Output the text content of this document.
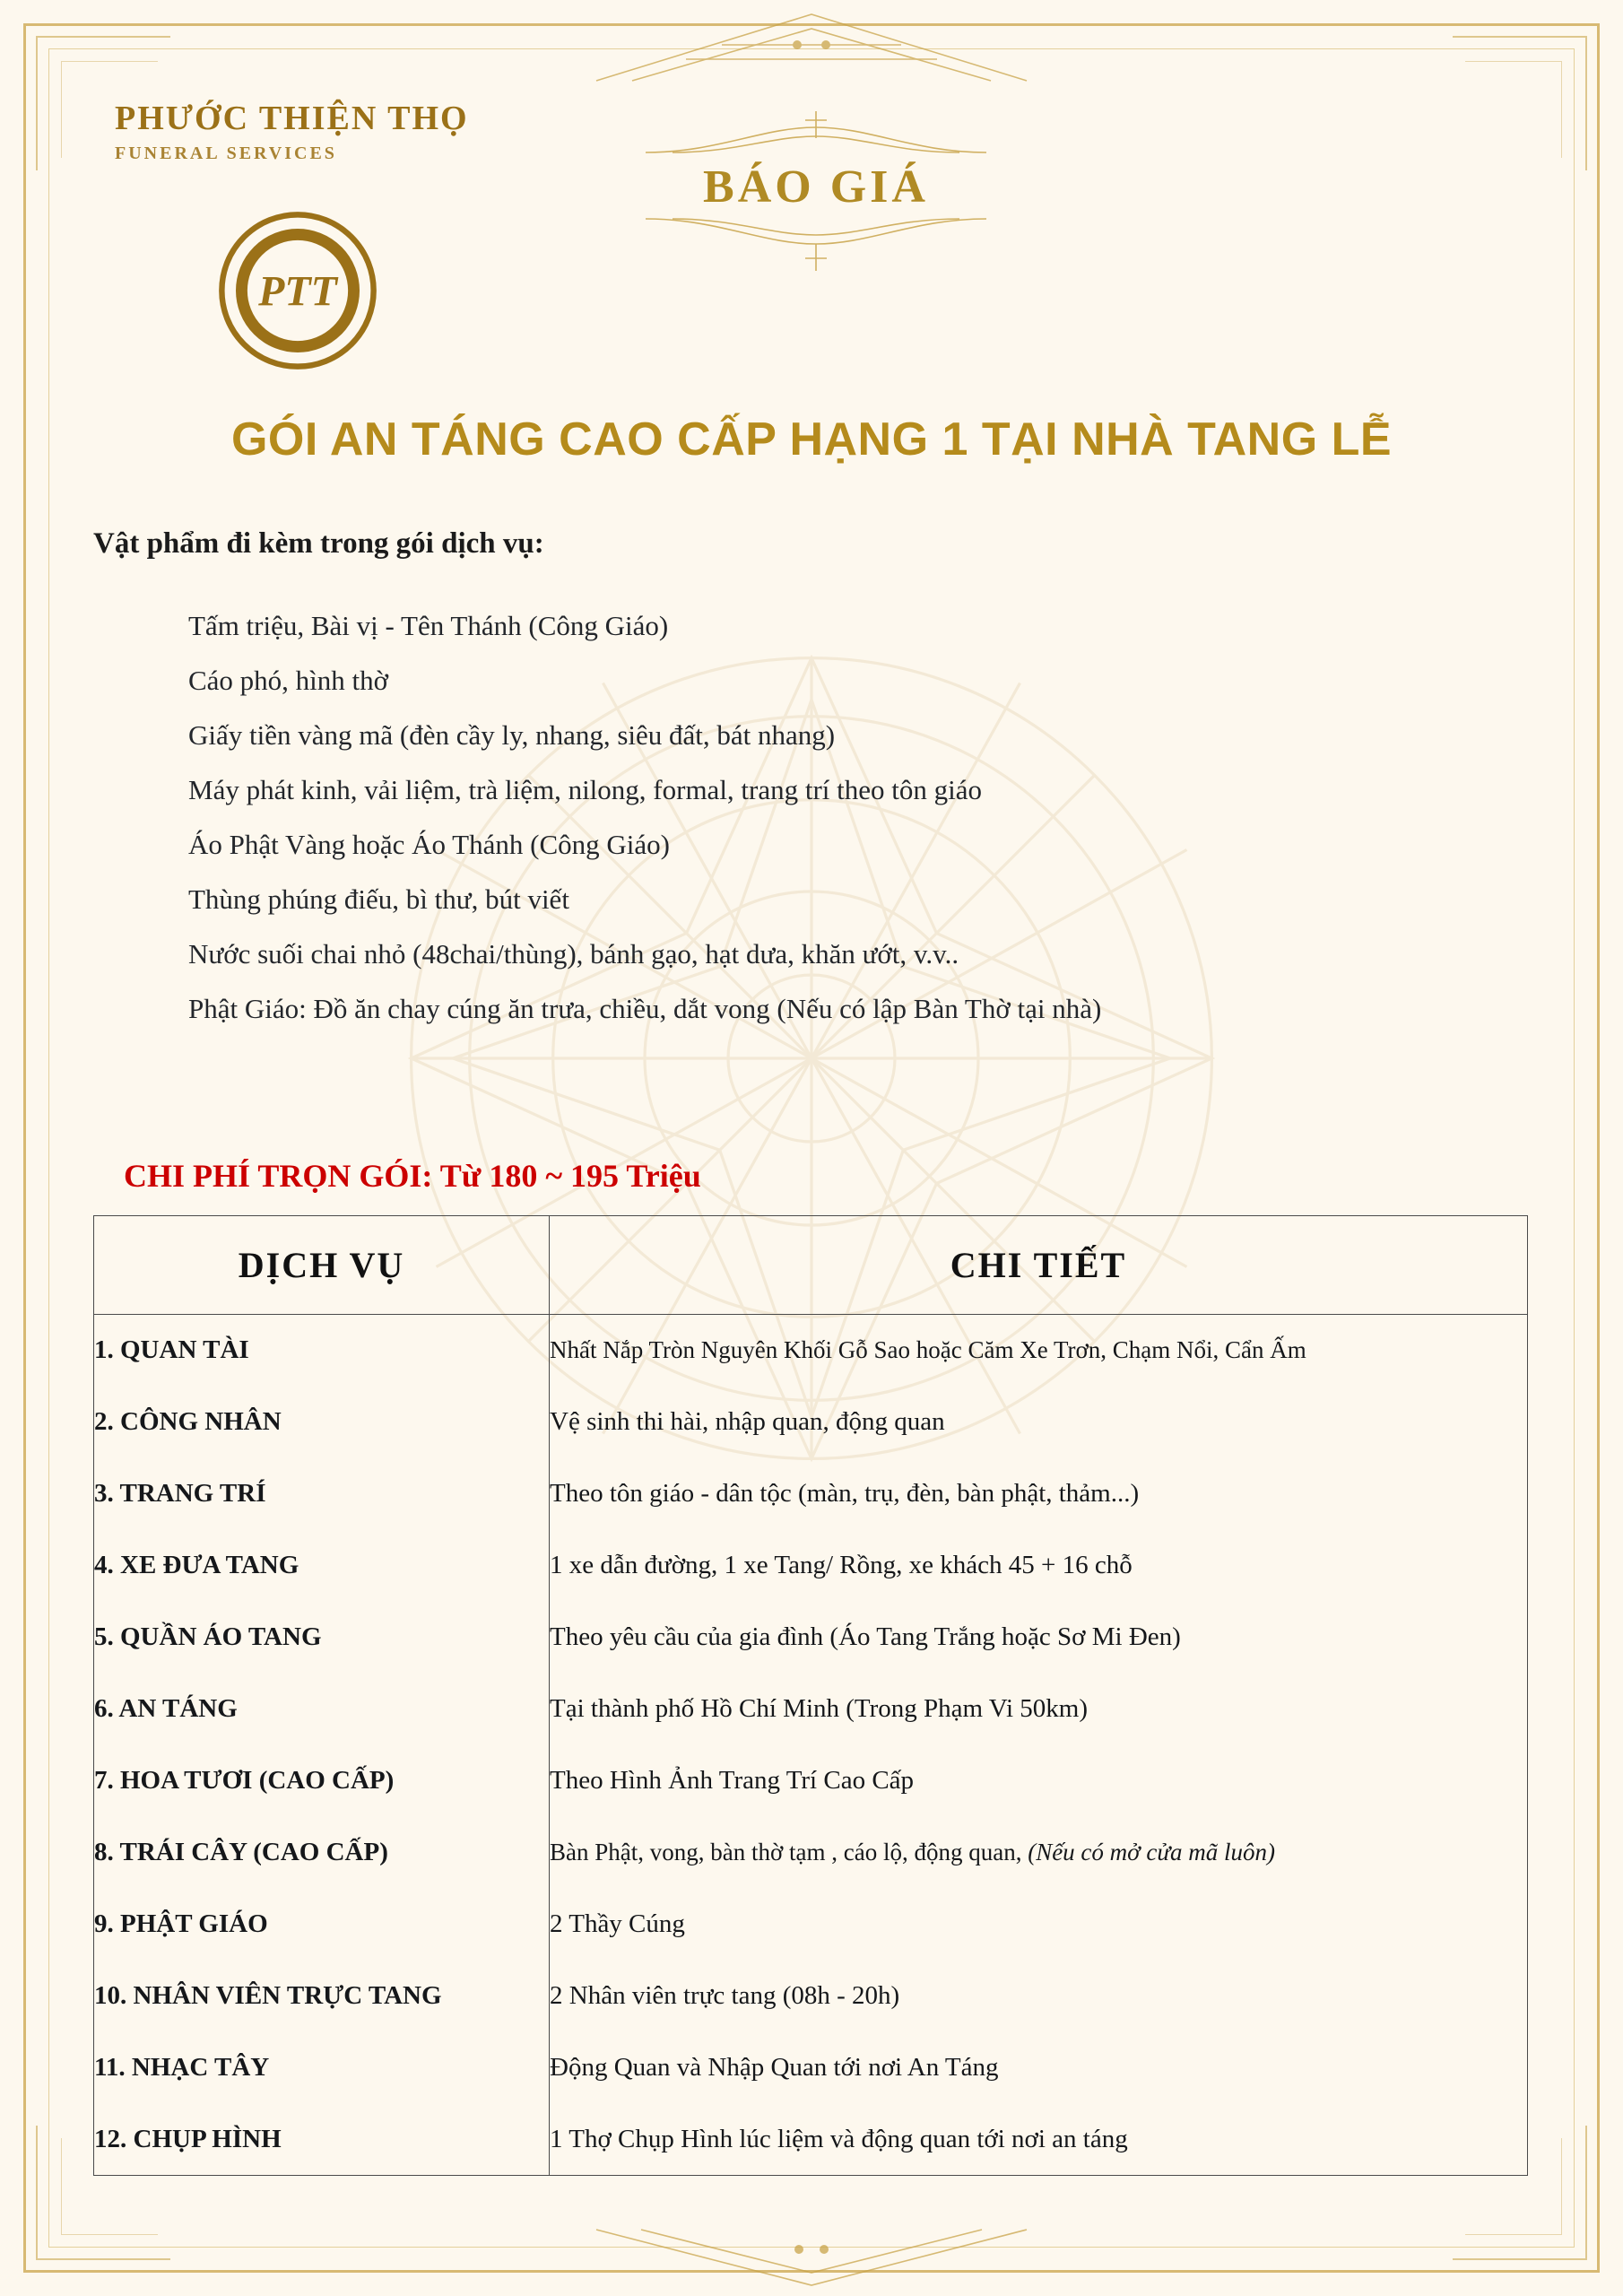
PHƯỚC THIỆN THỌ
FUNERAL SERVICES
PTT
BÁO GIÁ
GÓI AN TÁNG CAO CẤP HẠNG 1 TẠI NHÀ TANG LỄ
Vật phẩm đi kèm trong gói dịch vụ:
Tấm triệu, Bài vị - Tên Thánh (Công Giáo)
Cáo phó, hình thờ
Giấy tiền vàng mã (đèn cầy ly, nhang, siêu đất, bát nhang)
Máy phát kinh, vải liệm, trà liệm, nilong, formal, trang trí theo tôn giáo
Áo Phật Vàng hoặc Áo Thánh (Công Giáo)
Thùng phúng điếu, bì thư, bút viết
Nước suối chai nhỏ (48chai/thùng), bánh gạo, hạt dưa, khăn ướt, v.v..
Phật Giáo: Đồ ăn chay cúng ăn trưa, chiều, dắt vong (Nếu có lập Bàn Thờ tại nhà)
CHI PHÍ TRỌN GÓI: Từ 180 ~ 195 Triệu
DỊCH VỤ	CHI TIẾT
1. QUAN TÀI	Nhất Nắp Tròn Nguyên Khối Gỗ Sao hoặc Căm Xe Trơn, Chạm Nổi, Cẩn Ấm
2. CÔNG NHÂN	Vệ sinh thi hài, nhập quan, động quan
3. TRANG TRÍ	Theo tôn giáo - dân tộc (màn, trụ, đèn, bàn phật, thảm...)
4. XE ĐƯA TANG	1 xe dẫn đường, 1 xe Tang/ Rồng, xe khách 45 + 16 chỗ
5. QUẦN ÁO TANG	Theo yêu cầu của gia đình (Áo Tang Trắng hoặc Sơ Mi Đen)
6. AN TÁNG	Tại thành phố Hồ Chí Minh (Trong Phạm Vi 50km)
7. HOA TƯƠI (CAO CẤP)	Theo Hình Ảnh Trang Trí Cao Cấp
8. TRÁI CÂY (CAO CẤP)	Bàn Phật, vong, bàn thờ tạm , cáo lộ, động quan, (Nếu có mở cửa mã luôn)
9. PHẬT GIÁO	2 Thầy Cúng
10. NHÂN VIÊN TRỰC TANG	2 Nhân viên trực tang (08h - 20h)
11. NHẠC TÂY	Động Quan và Nhập Quan tới nơi An Táng
12. CHỤP HÌNH	1 Thợ Chụp Hình lúc liệm và động quan tới nơi an táng
